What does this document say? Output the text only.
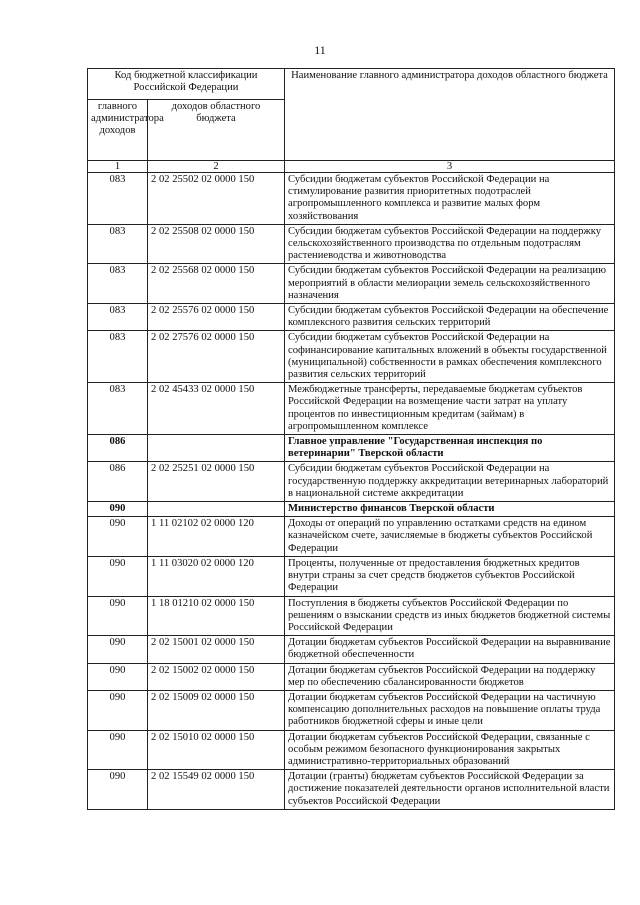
11
Код бюджетной классификации Российской Федерации		Наименование главного администратора доходов областного бюджета
главного администратора доходов	доходов областного бюджета	
1	2	3
083	2 02 25502 02 0000 150	Субсидии бюджетам субъектов Российской Федерации на стимулирование развития приоритетных подотраслей агропромышленного комплекса и развитие малых форм хозяйствования
083	2 02 25508 02 0000 150	Субсидии бюджетам субъектов Российской Федерации на поддержку сельскохозяйственного производства по отдельным подотраслям растениеводства и животноводства
083	2 02 25568 02 0000 150	Субсидии бюджетам субъектов Российской Федерации на реализацию мероприятий в области мелиорации земель сельскохозяйственного назначения
083	2 02 25576 02 0000 150	Субсидии бюджетам субъектов Российской Федерации на обеспечение комплексного развития сельских территорий
083	2 02 27576 02 0000 150	Субсидии бюджетам субъектов Российской Федерации на софинансирование капитальных вложений в объекты государственной (муниципальной) собственности в рамках обеспечения комплексного развития сельских территорий
083	2 02 45433 02 0000 150	Межбюджетные трансферты, передаваемые бюджетам субъектов Российской Федерации на возмещение части затрат на уплату процентов по инвестиционным кредитам (займам) в агропромышленном комплексе
086		Главное управление "Государственная инспекция по ветеринарии" Тверской области
086	2 02 25251 02 0000 150	Субсидии бюджетам субъектов Российской Федерации на государственную поддержку аккредитации ветеринарных лабораторий в национальной системе аккредитации
090		Министерство финансов Тверской области
090	1 11 02102 02 0000 120	Доходы от операций по управлению остатками средств на едином казначейском счете, зачисляемые в бюджеты субъектов Российской Федерации
090	1 11 03020 02 0000 120	Проценты, полученные от предоставления бюджетных кредитов внутри страны за счет средств бюджетов субъектов Российской Федерации
090	1 18 01210 02 0000 150	Поступления в бюджеты субъектов Российской Федерации по решениям о взыскании средств из иных бюджетов бюджетной системы Российской Федерации
090	2 02 15001 02 0000 150	Дотации бюджетам субъектов Российской Федерации на выравнивание бюджетной обеспеченности
090	2 02 15002 02 0000 150	Дотации бюджетам субъектов Российской Федерации на поддержку мер по обеспечению сбалансированности бюджетов
090	2 02 15009 02 0000 150	Дотации бюджетам субъектов Российской Федерации на частичную компенсацию дополнительных расходов на повышение оплаты труда работников бюджетной сферы и иные цели
090	2 02 15010 02 0000 150	Дотации бюджетам субъектов Российской Федерации, связанные с особым режимом безопасного функционирования закрытых административно-территориальных образований
090	2 02 15549 02 0000 150	Дотации (гранты) бюджетам субъектов Российской Федерации за достижение показателей деятельности органов исполнительной власти субъектов Российской Федерации
